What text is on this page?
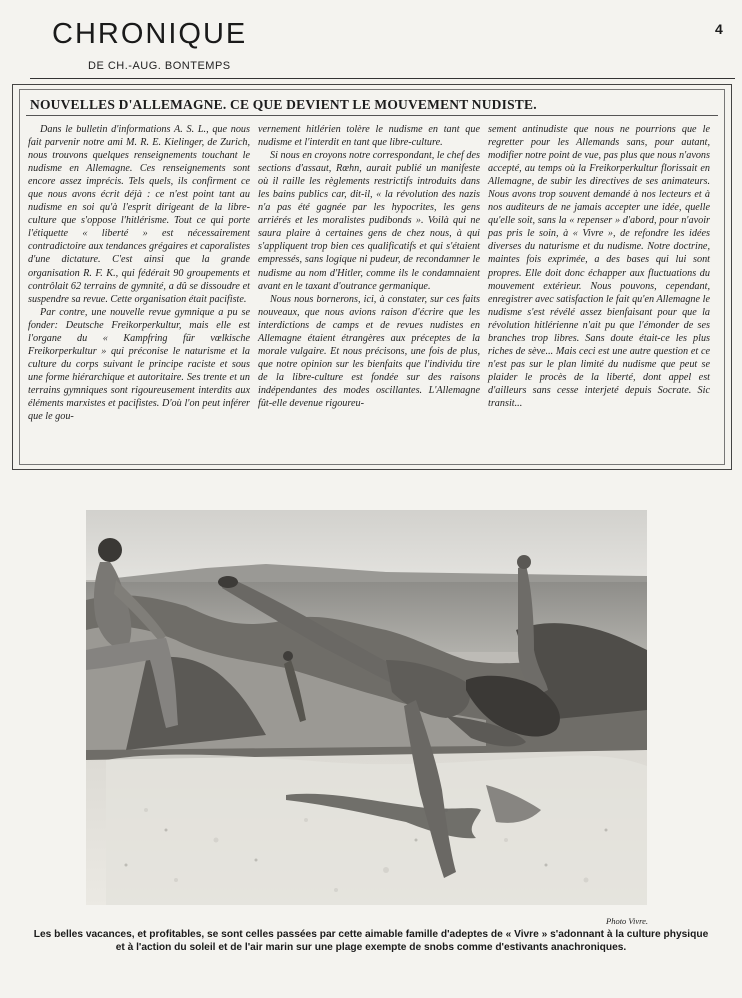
CHRONIQUE
DE CH.-AUG. BONTEMPS
4
NOUVELLES D'ALLEMAGNE. CE QUE DEVIENT LE MOUVEMENT NUDISTE.

Dans le bulletin d'informations A. S. L., que nous fait parvenir notre ami M. R. E. Kielinger, de Zurich, nous trouvons quelques renseignements touchant le nudisme en Allemagne. Ces renseignements sont encore assez imprécis. Tels quels, ils confirment ce que nous avons écrit déjà : ce n'est point tant au nudisme en soi qu'à l'esprit dirigeant de la libre-culture que s'oppose l'hitlérisme. Tout ce qui porte l'étiquette « liberté » est nécessairement contradictoire aux tendances grégaires et caporalistes d'une dictature. C'est ainsi que la grande organisation R. F. K., qui fédérait 90 groupements et contrôlait 62 terrains de gymnité, a dû se dissoudre et suspendre sa revue. Cette organisation était pacifiste.

Par contre, une nouvelle revue gymnique a pu se fonder: Deutsche Freikorperkultur, mais elle est l'organe du « Kampfring für vœlkische Freikorperkultur » qui préconise le naturisme et la culture du corps suivant le principe raciste et sous une forme hiérarchique et autoritaire. Ses trente et un terrains gymniques sont rigoureusement interdits aux éléments marxistes et pacifistes. D'où l'on peut inférer que le gou-

vernement hitlérien tolère le nudisme en tant que nudisme et l'interdit en tant que libre-culture.

Si nous en croyons notre correspondant, le chef des sections d'assaut, Rœhn, aurait publié un manifeste où il raille les règlements restrictifs introduits dans les bains publics car, dit-il, « la révolution des nazis n'a pas été gagnée par les hypocrites, les gens arriérés et les moralistes pudibonds ». Voilà qui ne saura plaire à certaines gens de chez nous, à qui s'appliquent trop bien ces qualificatifs et qui s'étaient empressés, sans logique ni pudeur, de recondamner le nudisme au nom d'Hitler, comme ils le condamnaient avant en le taxant d'outrance germanique.

Nous nous bornerons, ici, à constater, sur ces faits nouveaux, que nous avions raison d'écrire que les interdictions de camps et de revues nudistes en Allemagne étaient étrangères aux préceptes de la morale vulgaire. Et nous précisons, une fois de plus, que notre opinion sur les bienfaits que l'individu tire de la libre-culture est fondée sur des raisons indépendantes des modes oscillantes. L'Allemagne fût-elle devenue rigoureu-

sement antinudiste que nous ne pourrions que le regretter pour les Allemands sans, pour autant, modifier notre point de vue, pas plus que nous n'avons accepté, au temps où la Freikorperkultur florissait en Allemagne, de subir les directives de ses animateurs. Nous avons trop souvent demandé à nos lecteurs et à nos auditeurs de ne jamais accepter une idée, quelle qu'elle soit, sans la « repenser » d'abord, pour n'avoir pas pris le soin, à « Vivre », de refondre les idées diverses du naturisme et du nudisme. Notre doctrine, maintes fois exprimée, a des bases qui lui sont propres. Elle doit donc échapper aux fluctuations du mouvement extérieur. Nous pouvons, cependant, enregistrer avec satisfaction le fait qu'en Allemagne le nudisme s'est révélé assez bienfaisant pour que la révolution hitlérienne n'ait pu que l'émonder de ses branches trop libres. Sans doute était-ce les plus riches de sève... Mais ceci est une autre question et ce n'est pas sur le plan limité du nudisme que peut se plaider le procès de la liberté, dont appel est d'ailleurs sans cesse interjeté depuis Socrate. Sic transit...

Photo Vivre.
Les belles vacances, et profitables, se sont celles passées par cette aimable famille d'adeptes de « Vivre » s'adonnant à la culture physique et à l'action du soleil et de l'air marin sur une plage exempte de snobs comme d'estivants anachroniques.
